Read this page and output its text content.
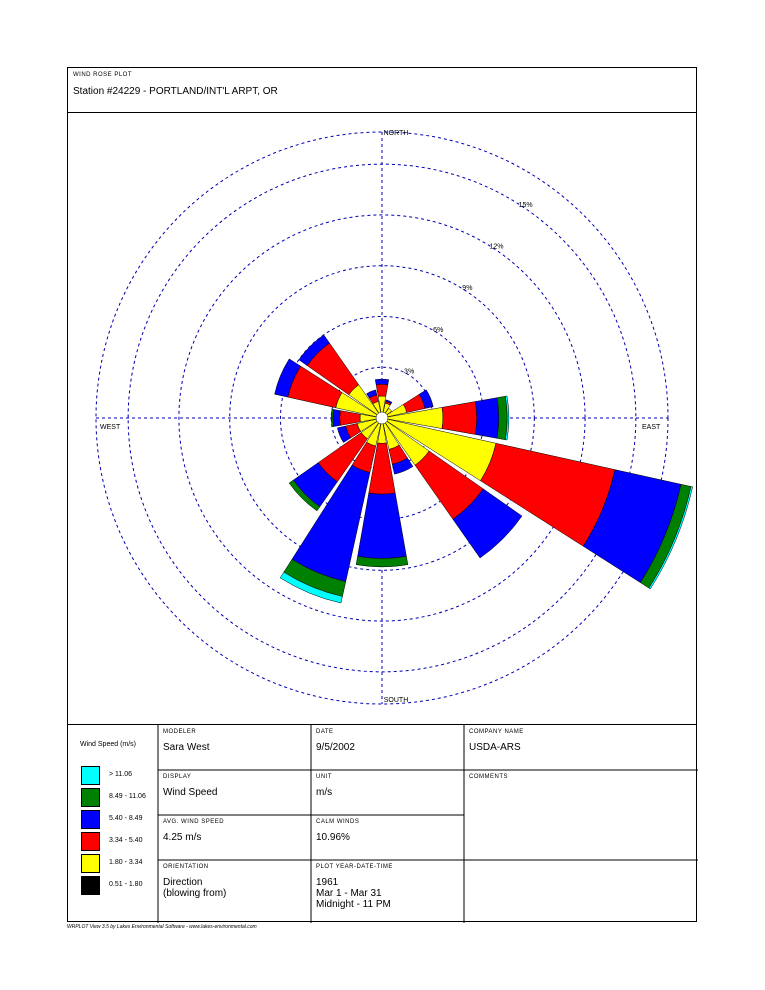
WIND ROSE PLOT
Station #24229 - PORTLAND/INT'L ARPT, OR
3%
6%
9%
12%
15%
NORTH
SOUTH
EAST
WEST
Wind Speed (m/s)
> 11.06
8.49 - 11.06
5.40 - 8.49
3.34 - 5.40
1.80 - 3.34
0.51 - 1.80
MODELER
Sara West
DATE
9/5/2002
COMPANY NAME
USDA-ARS
DISPLAY
Wind Speed
UNIT
m/s
COMMENTS
AVG. WIND SPEED
4.25 m/s
CALM WINDS
10.96%
ORIENTATION
Direction
(blowing from)
PLOT YEAR-DATE-TIME
1961
Mar 1 - Mar 31
Midnight - 11 PM
WRPLOT View 3.5 by Lakes Environmental Software - www.lakes-environmental.com
